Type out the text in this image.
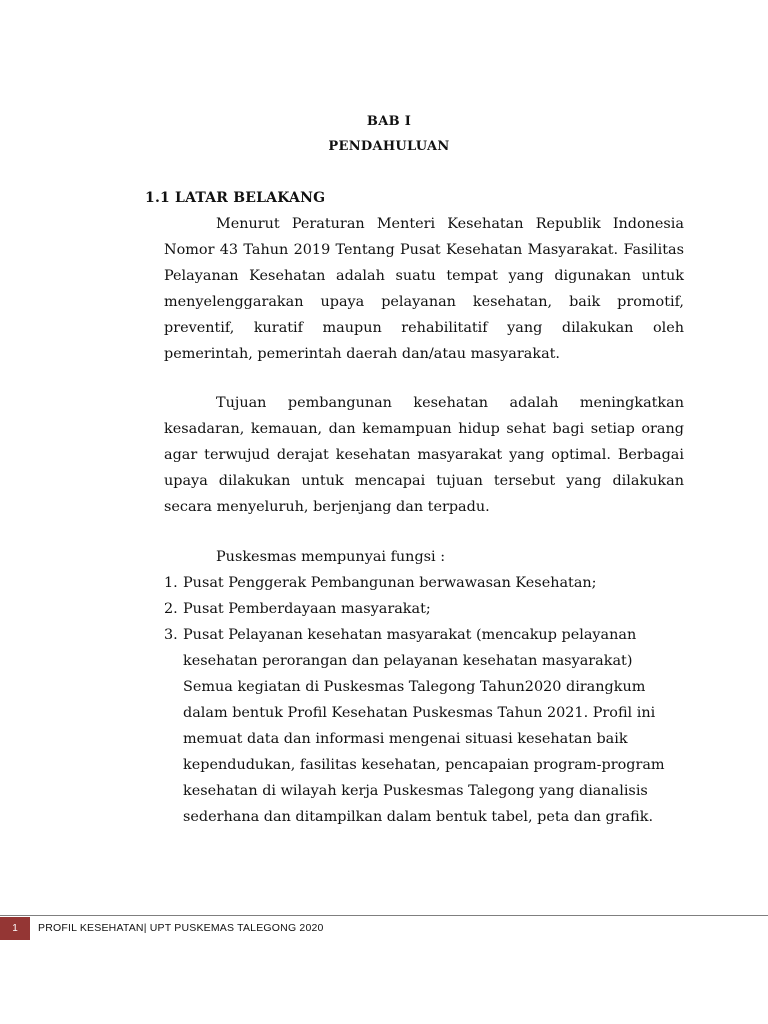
BAB I
PENDAHULUAN
1.1 LATAR BELAKANG

Menurut Peraturan Menteri Kesehatan Republik Indonesia Nomor 43 Tahun 2019 Tentang Pusat Kesehatan Masyarakat. Fasilitas Pelayanan Kesehatan adalah suatu tempat yang digunakan untuk menyelenggarakan upaya pelayanan kesehatan, baik promotif, preventif, kuratif maupun rehabilitatif yang dilakukan oleh pemerintah, pemerintah daerah dan/atau masyarakat.

Tujuan pembangunan kesehatan adalah meningkatkan kesadaran, kemauan, dan kemampuan hidup sehat bagi setiap orang agar terwujud derajat kesehatan masyarakat yang optimal. Berbagai upaya dilakukan untuk mencapai tujuan tersebut yang dilakukan secara menyeluruh, berjenjang dan terpadu.

Puskesmas mempunyai fungsi :

1. Pusat Penggerak Pembangunan berwawasan Kesehatan;
2. Pusat Pemberdayaan masyarakat;
3. Pusat Pelayanan kesehatan masyarakat (mencakup pelayanan kesehatan perorangan dan pelayanan kesehatan masyarakat) Semua kegiatan di Puskesmas Talegong Tahun2020 dirangkum dalam bentuk Profil Kesehatan Puskesmas Tahun 2021. Profil ini memuat data dan informasi mengenai situasi kesehatan baik kependudukan, fasilitas kesehatan, pencapaian program-program kesehatan di wilayah kerja Puskesmas Talegong yang dianalisis sederhana dan ditampilkan dalam bentuk tabel, peta dan grafik.
1 PROFIL KESEHATAN| UPT PUSKEMAS TALEGONG 2020
